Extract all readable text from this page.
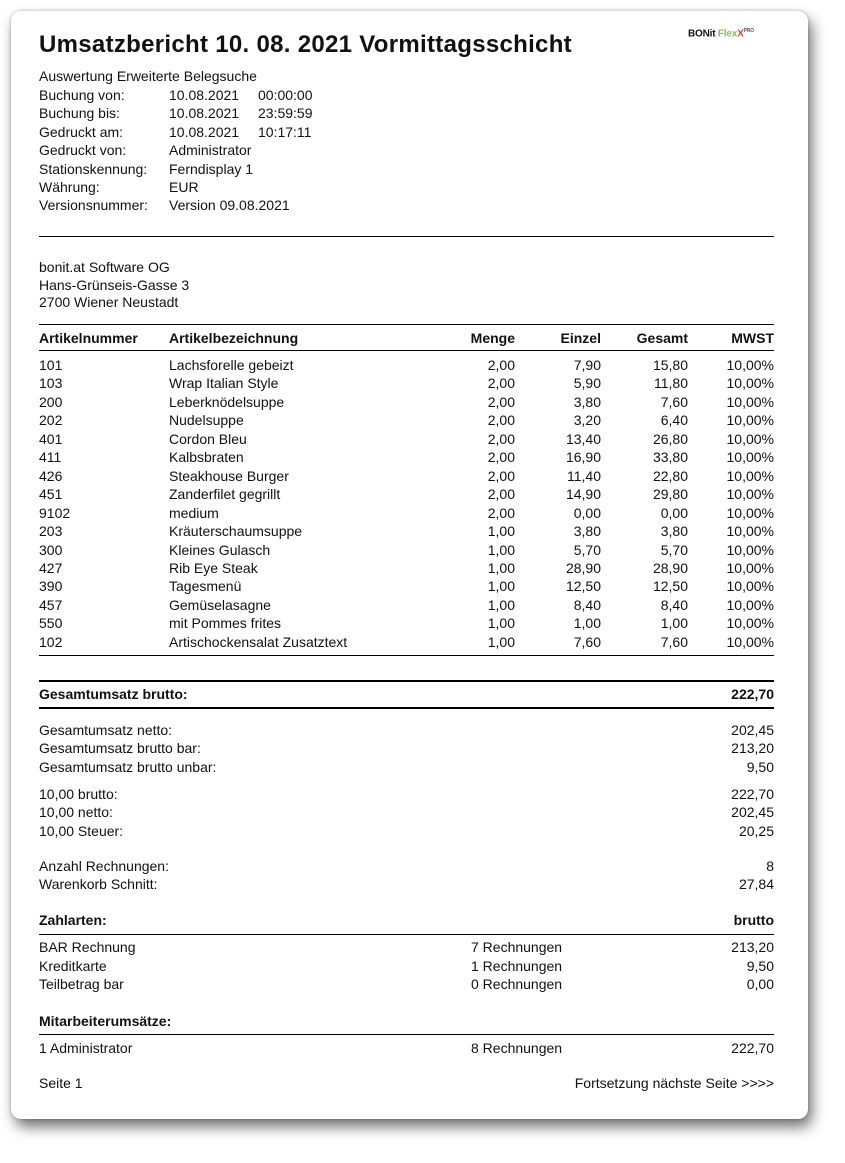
Umsatzbericht 10. 08. 2021 Vormittagsschicht	BONit FlexX$^{PRO}$
Auswertung Erweiterte Belegsuche
Buchung von:	10.08.2021 00:00:00
Buchung bis:	10.08.2021 23:59:59
Gedruckt am:	10.08.2021 10:17:11
Gedruckt von:	Administrator
Stationskennung: Ferndisplay 1
Währung:	EUR
Versionsnummer: Version 09.08.2021
bonit.at Software OG
Hans-Grünseis-Gasse 3
2700 Wiener Neustadt
Artikelnummer Artikelbezeichnung	Menge	Einzel	Gesamt	MWST
101	Lachsforelle gebeizt	2,00	7,90	15,80	10,00%
103	Wrap Italian Style	2,00	5,90	11,80	10,00%
200	Leberknödelsuppe	2,00	3,80	7,60	10,00%
202	Nudelsuppe	2,00	3,20	6,40	10,00%
401	Cordon Bleu	2,00	13,40	26,80	10,00%
411	Kalbsbraten	2,00	16,90	33,80	10,00%
426	Steakhouse Burger	2,00	11,40	22,80	10,00%
451	Zanderfilet gegrillt	2,00	14,90	29,80	10,00%
9102	medium	2,00	0,00	0,00	10,00%
203	Kräuterschaumsuppe	1,00	3,80	3,80	10,00%
300	Kleines Gulasch	1,00	5,70	5,70	10,00%
427	Rib Eye Steak	1,00	28,90	28,90	10,00%
390	Tagesmenü	1,00	12,50	12,50	10,00%
457	Gemüselasagne	1,00	8,40	8,40	10,00%
550	mit Pommes frites	1,00	1,00	1,00	10,00%
102	Artischockensalat Zusatztext	1,00	7,60	7,60	10,00%
Gesamtumsatz brutto:	222,70
Gesamtumsatz netto:	202,45
Gesamtumsatz brutto bar:	213,20
Gesamtumsatz brutto unbar:	9,50
10,00 brutto:	222,70
10,00 netto:	202,45
10,00 Steuer:	20,25
Anzahl Rechnungen:	8
Warenkorb Schnitt:	27,84
Zahlarten:	brutto
BAR Rechnung	7 Rechnungen	213,20
Kreditkarte	1 Rechnungen	9,50
Teilbetrag bar	0 Rechnungen	0,00
Mitarbeiterumsätze:
1 Administrator	8 Rechnungen	222,70
Seite 1	Fortsetzung nächste Seite >>>>
